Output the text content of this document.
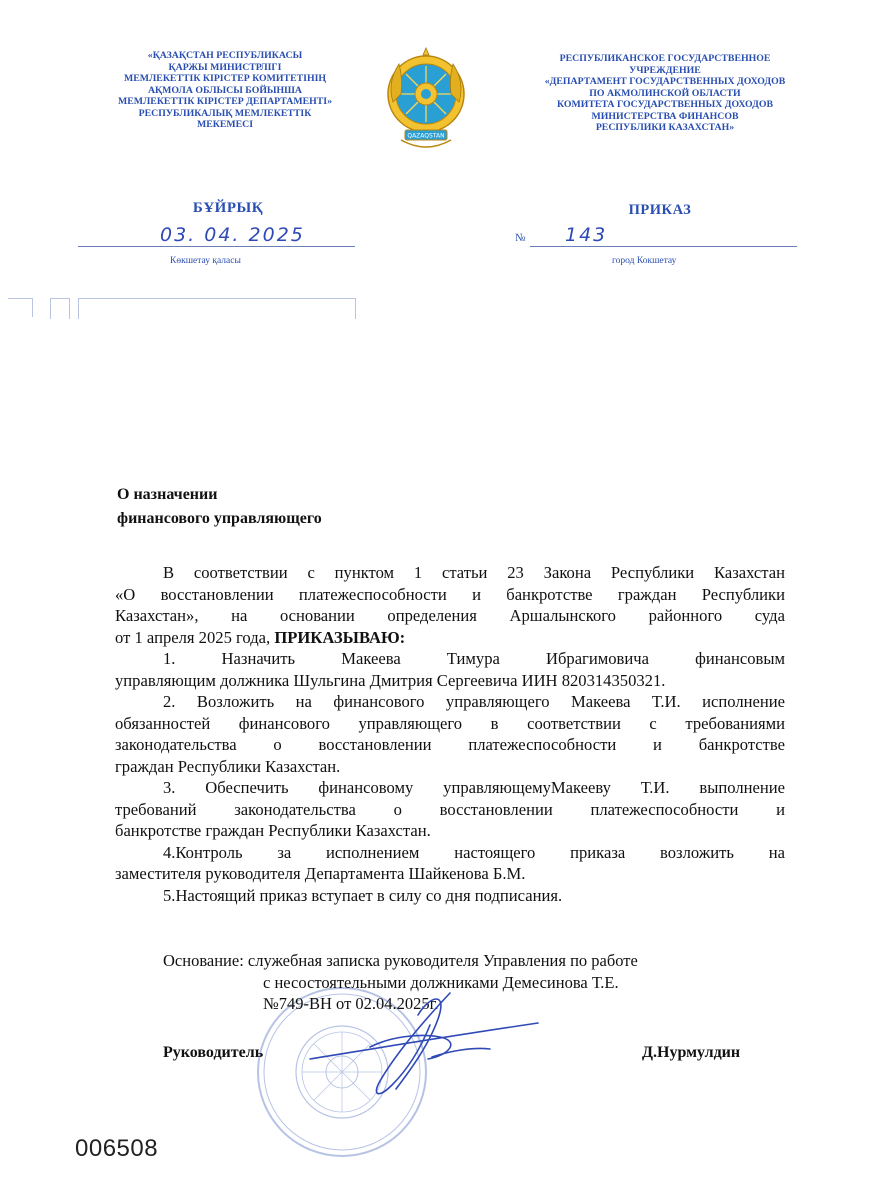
«ҚАЗАҚСТАН РЕСПУБЛИКАСЫ
ҚАРЖЫ МИНИСТРЛІГІ
МЕМЛЕКЕТТІК КІРІСТЕР КОМИТЕТІНІҢ
АҚМОЛА ОБЛЫСЫ БОЙЫНША
МЕМЛЕКЕТТІК КІРІСТЕР ДЕПАРТАМЕНТІ»
РЕСПУБЛИКАЛЫҚ МЕМЛЕКЕТТІК
МЕКЕМЕСІ
QAZAQSTAN
РЕСПУБЛИКАНСКОЕ ГОСУДАРСТВЕННОЕ
УЧРЕЖДЕНИЕ
«ДЕПАРТАМЕНТ ГОСУДАРСТВЕННЫХ ДОХОДОВ
ПО АКМОЛИНСКОЙ ОБЛАСТИ
КОМИТЕТА ГОСУДАРСТВЕННЫХ ДОХОДОВ
МИНИСТЕРСТВА ФИНАНСОВ
РЕСПУБЛИКИ КАЗАХСТАН»
БҰЙРЫҚ	ПРИКАЗ
03. 04. 2025	№ 143
Көкшетау қаласы	город Кокшетау
О назначении
финансового управляющего
В соответствии с пунктом 1 статьи 23 Закона Республики Казахстан
«О восстановлении платежеспособности и банкротстве граждан Республики
Казахстан», на основании определения Аршалынского районного суда
от 1 апреля 2025 года, ПРИКАЗЫВАЮ:
1. Назначить Макеева Тимура Ибрагимовича финансовым
управляющим должника Шульгина Дмитрия Сергеевича ИИН 820314350321.
2. Возложить на финансового управляющего Макеева Т.И. исполнение
обязанностей финансового управляющего в соответствии с требованиями
законодательства о восстановлении платежеспособности и банкротстве
граждан Республики Казахстан.
3. Обеспечить финансовому управляющемуМакееву Т.И. выполнение
требований законодательства о восстановлении платежеспособности и
банкротстве граждан Республики Казахстан.
4.Контроль за исполнением настоящего приказа возложить на
заместителя руководителя Департамента Шайкенова Б.М.
5.Настоящий приказ вступает в силу со дня подписания.
Основание: служебная записка руководителя Управления по работе
с несостоятельными должниками Демесинова Т.Е.
№749-ВН от 02.04.2025г.
Руководитель	Д.Нурмулдин
006508
